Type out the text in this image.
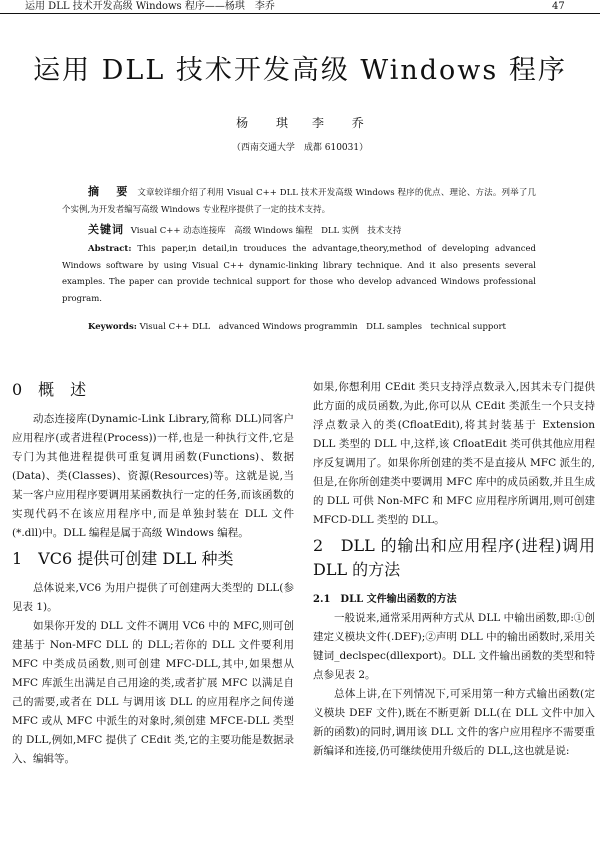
运用 DLL 技术开发高级 Windows 程序——杨琪　李乔	47
运用 DLL 技术开发高级 Windows 程序
杨 琪　　李 乔
（西南交通大学　成都 610031）
摘　要 文章较详细介绍了利用 Visual C++ DLL 技术开发高级 Windows 程序的优点、理论、方法。列举了几个实例,为开发者编写高级 Windows 专业程序提供了一定的技术支持。
关键词 Visual C++ 动态连接库　高级 Windows 编程　DLL 实例　技术支持
Abstract: This paper,in detail,in trouduces the advantage,theory,method of developing advanced Windows software by using Visual C++ dynamic-linking library technique. And it also presents several examples. The paper can provide technical support for those who develop advanced Windows professional program.
Keywords: Visual C++ DLL　advanced Windows programmin　DLL samples　technical support
0　概　述

动态连接库(Dynamic-Link Library,简称 DLL)同客户应用程序(或者进程(Process))一样,也是一种执行文件,它是专门为其他进程提供可重复调用函数(Functions)、数据(Data)、类(Classes)、资源(Resources)等。这就是说,当某一客户应用程序要调用某函数执行一定的任务,而该函数的实现代码不在该应用程序中,而是单独封装在 DLL 文件(*.dll)中。DLL 编程是属于高级 Windows 编程。

1　VC6 提供可创建 DLL 种类

总体说来,VC6 为用户提供了可创建两大类型的 DLL(参见表 1)。

如果你开发的 DLL 文件不调用 VC6 中的 MFC,则可创建基于 Non-MFC DLL 的 DLL;若你的 DLL 文件要利用 MFC 中类成员函数,则可创建 MFC-DLL,其中,如果想从 MFC 库派生出满足自己用途的类,或者扩展 MFC 以满足自己的需要,或者在 DLL 与调用该 DLL 的应用程序之间传递 MFC 或从 MFC 中派生的对象时,须创建 MFCE-DLL 类型的 DLL,例如,MFC 提供了 CEdit 类,它的主要功能是数据录入、编辑等。

如果,你想利用 CEdit 类只支持浮点数录入,因其未专门提供此方面的成员函数,为此,你可以从 CEdit 类派生一个只支持浮点数录入的类(CfloatEdit),将其封装基于 Extension DLL 类型的 DLL 中,这样,该 CfloatEdit 类可供其他应用程序反复调用了。如果你所创建的类不是直接从 MFC 派生的,但是,在你所创建类中要调用 MFC 库中的成员函数,并且生成的 DLL 可供 Non-MFC 和 MFC 应用程序所调用,则可创建 MFCD-DLL 类型的 DLL。

2　DLL 的输出和应用程序(进程)调用 DLL 的方法
2.1　DLL 文件输出函数的方法

一般说来,通常采用两种方式从 DLL 中输出函数,即:①创建定义模块文件(.DEF);②声明 DLL 中的输出函数时,采用关键词_declspec(dllexport)。DLL 文件输出函数的类型和特点参见表 2。

总体上讲,在下列情况下,可采用第一种方式输出函数(定义模块 DEF 文件),既在不断更新 DLL(在 DLL 文件中加入新的函数)的同时,调用该 DLL 文件的客户应用程序不需要重新编译和连接,仍可继续使用升级后的 DLL,这也就是说:
